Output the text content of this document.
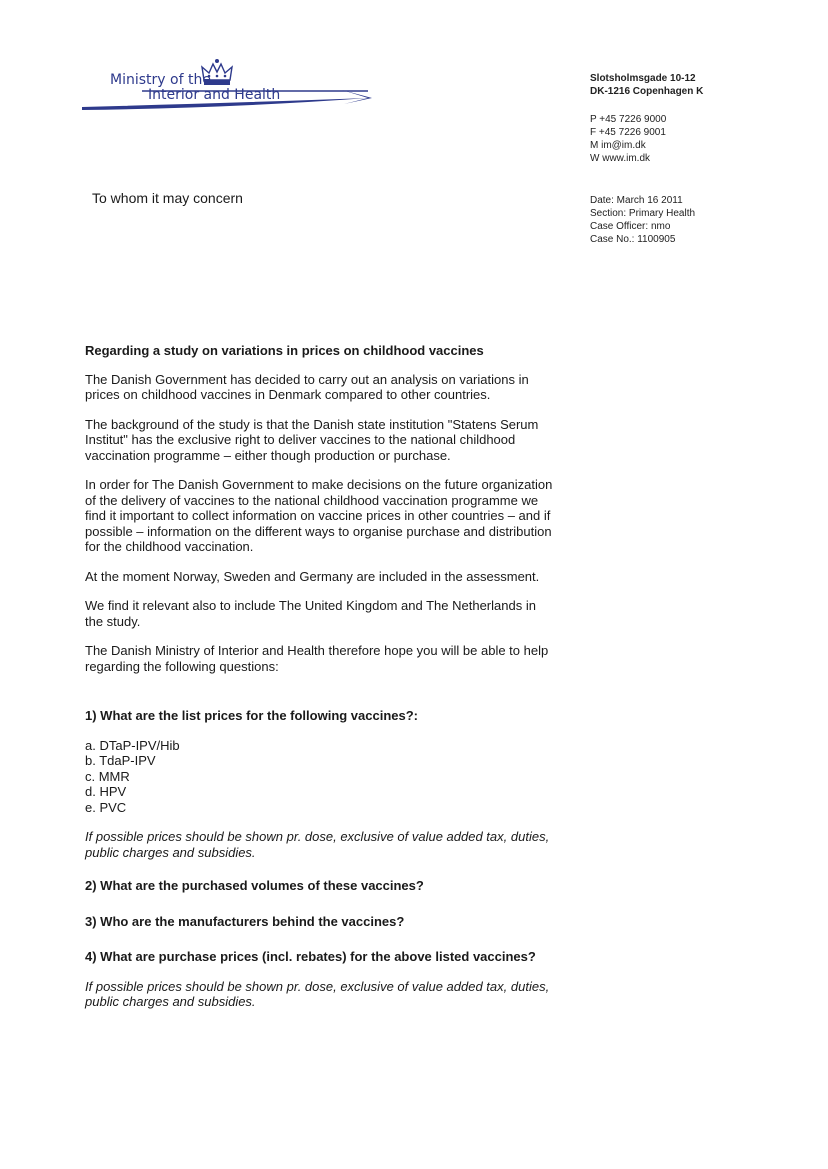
Ministry of the
Interior and Health
Slotsholmsgade 10-12
DK-1216 Copenhagen K
P +45 7226 9000
F +45 7226 9001
M im@im.dk
W www.im.dk
Date: March 16 2011
Section: Primary Health
Case Officer: nmo
Case No.: 1100905
To whom it may concern

Regarding a study on variations in prices on childhood vaccines

The Danish Government has decided to carry out an analysis on variations in prices on childhood vaccines in Denmark compared to other countries.

The background of the study is that the Danish state institution "Statens Serum Institut" has the exclusive right to deliver vaccines to the national childhood vaccination programme – either though production or purchase.

In order for The Danish Government to make decisions on the future organization of the delivery of vaccines to the national childhood vaccination programme we find it important to collect information on vaccine prices in other countries – and if possible – information on the different ways to organise purchase and distribution for the childhood vaccination.

At the moment Norway, Sweden and Germany are included in the assessment.

We find it relevant also to include The United Kingdom and The Netherlands in the study.

The Danish Ministry of Interior and Health therefore hope you will be able to help regarding the following questions:

1) What are the list prices for the following vaccines?:

a. DTaP-IPV/Hib
b. TdaP-IPV
c. MMR
d. HPV
e. PVC

If possible prices should be shown pr. dose, exclusive of value added tax, duties, public charges and subsidies.

2) What are the purchased volumes of these vaccines?

3) Who are the manufacturers behind the vaccines?

4) What are purchase prices (incl. rebates) for the above listed vaccines?

If possible prices should be shown pr. dose, exclusive of value added tax, duties, public charges and subsidies.
